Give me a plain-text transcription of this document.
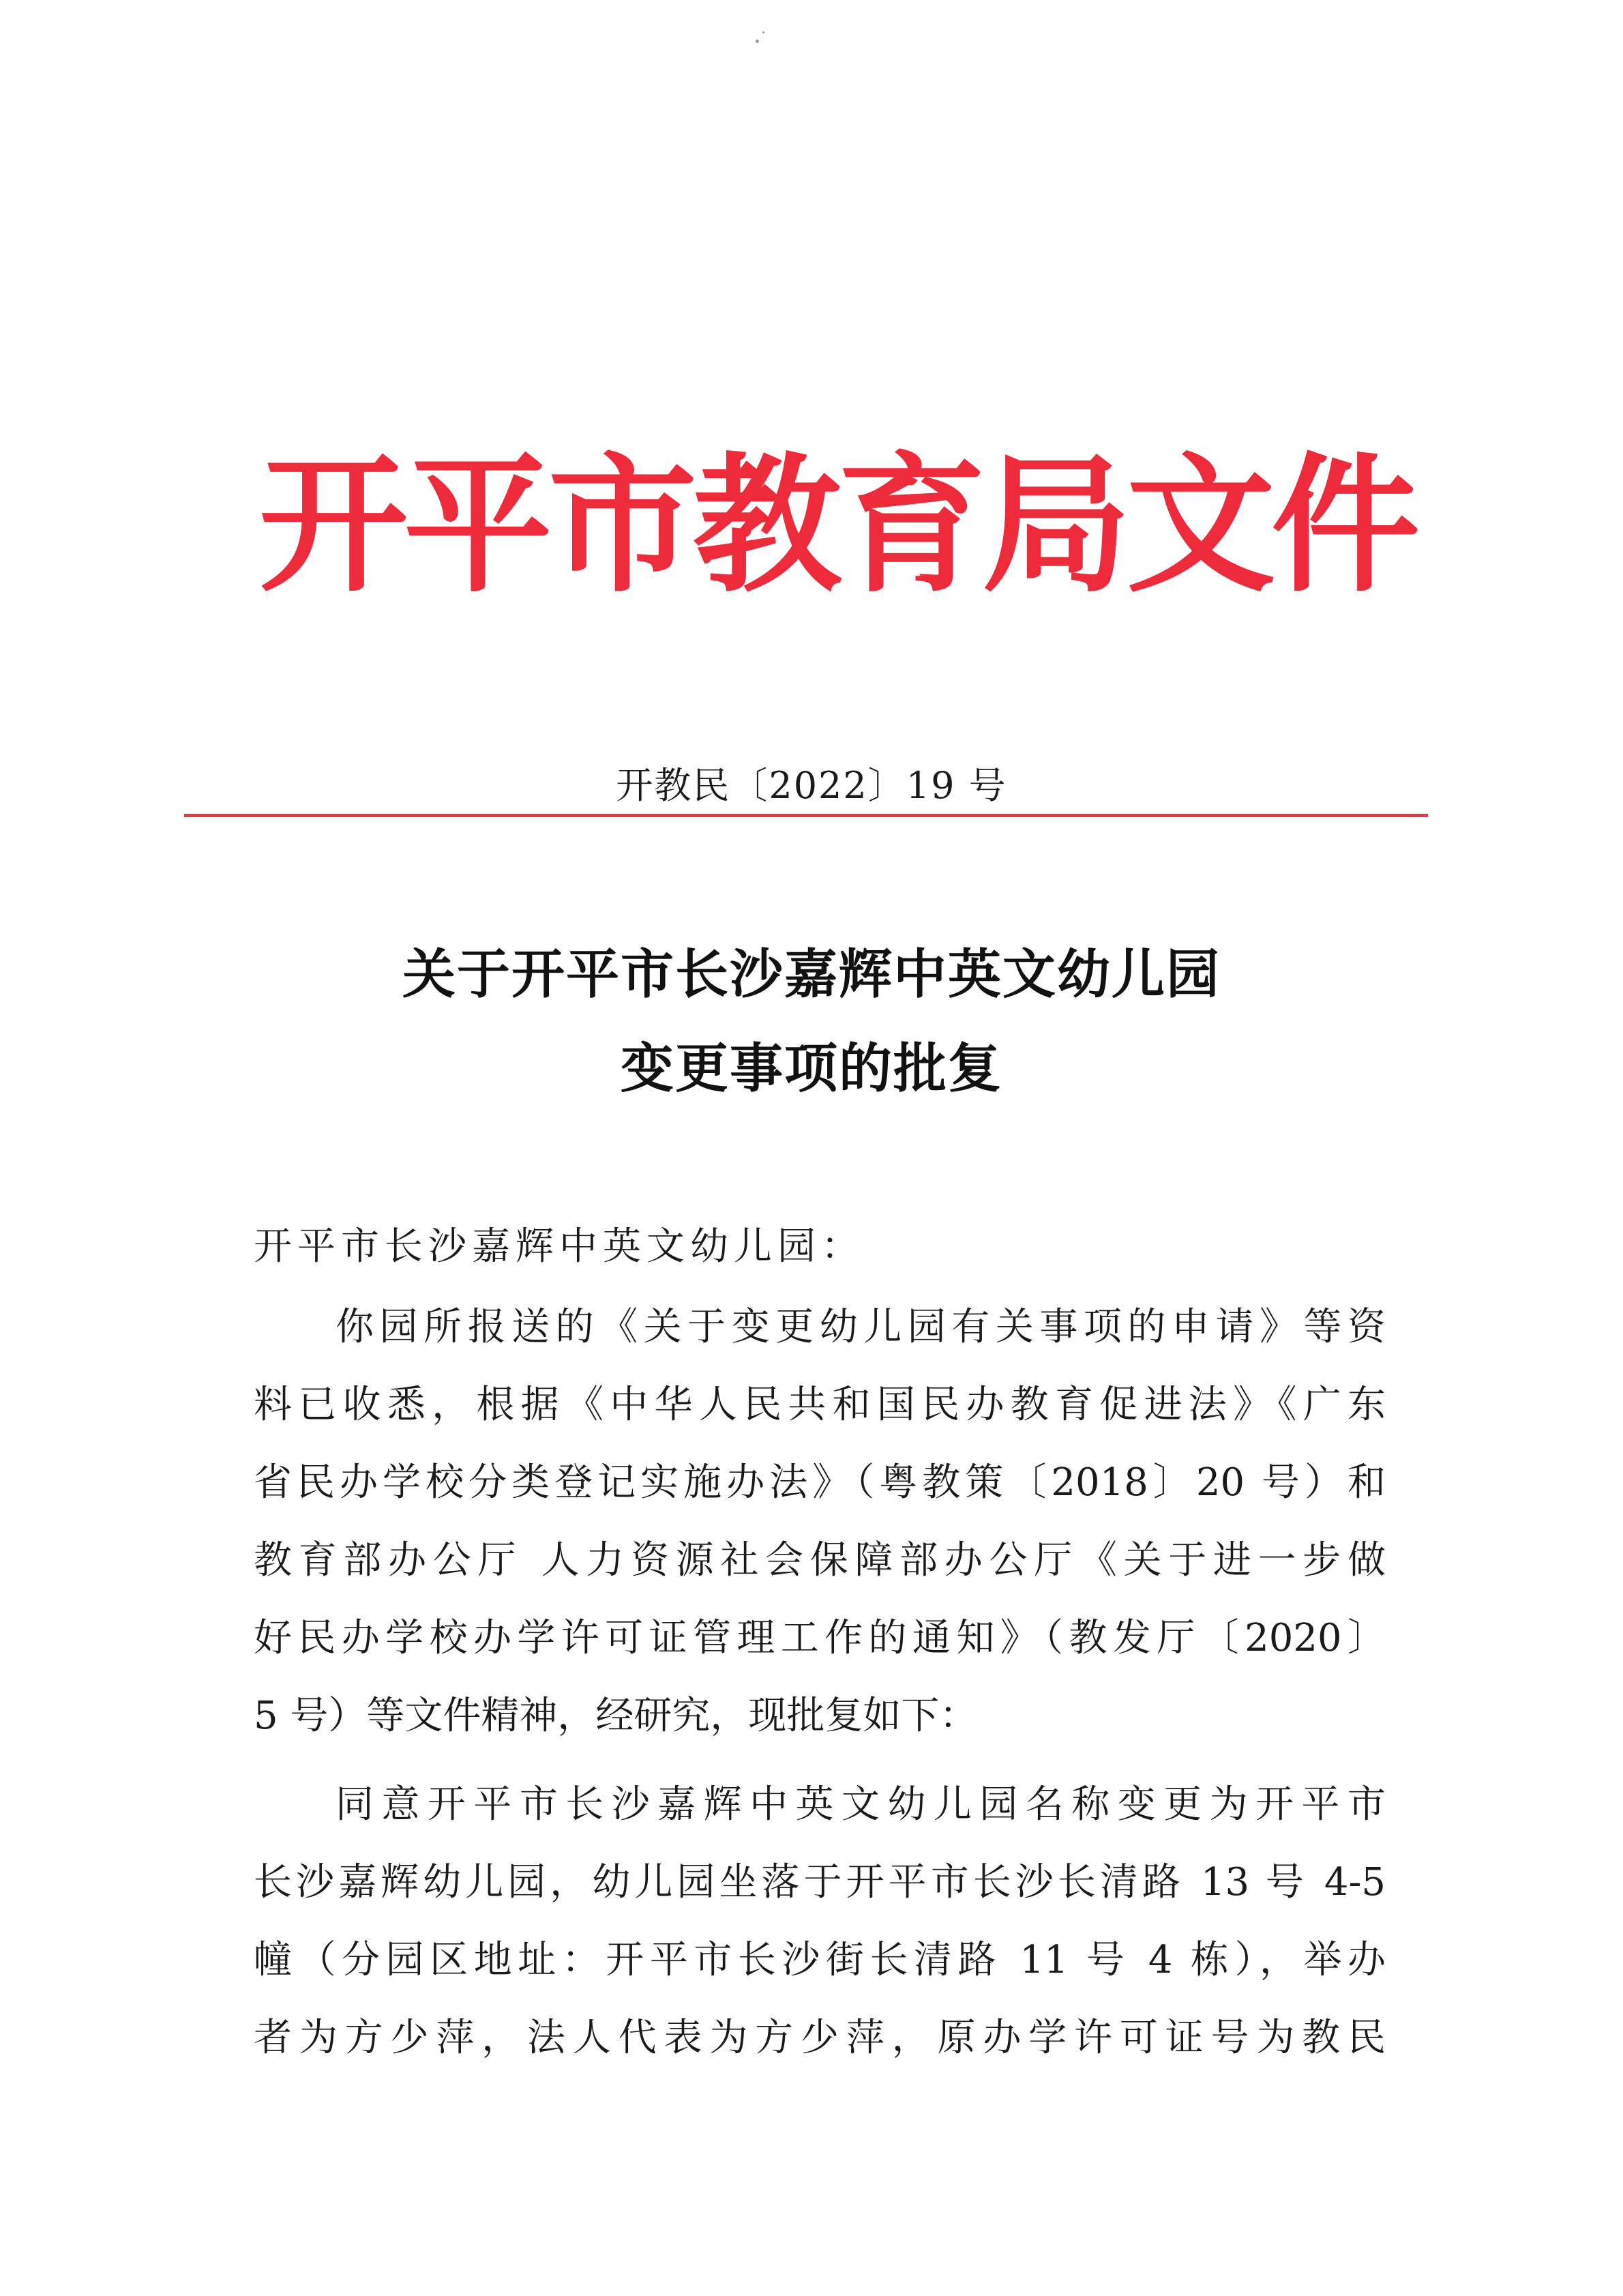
开平市教育局文件
开教民〔2022〕19 号
关于开平市长沙嘉辉中英文幼儿园
变更事项的批复
开平市长沙嘉辉中英文幼儿园：
你园所报送的《关于变更幼儿园有关事项的申请》等资
料已收悉，根据《中华人民共和国民办教育促进法》《广东
省民办学校分类登记实施办法》（粤教策〔2018〕20 号）和
教育部办公厅 人力资源社会保障部办公厅《关于进一步做
好民办学校办学许可证管理工作的通知》（教发厅〔2020〕
5 号）等文件精神，经研究，现批复如下：
同意开平市长沙嘉辉中英文幼儿园名称变更为开平市
长沙嘉辉幼儿园，幼儿园坐落于开平市长沙长清路 13 号 4-5
幢（分园区地址：开平市长沙街长清路 11 号 4 栋），举办
者为方少萍，法人代表为方少萍，原办学许可证号为教民
